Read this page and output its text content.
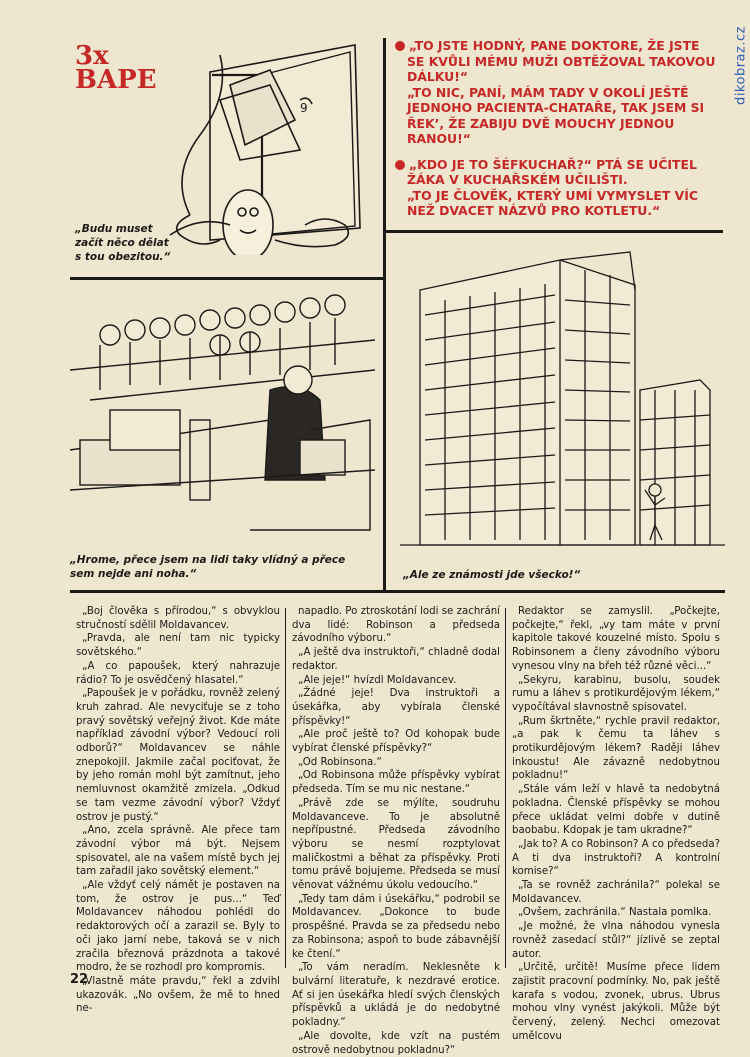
dikobraz.cz
3x
BAPE
9
„Budu muset začít něco dělat s tou obezitou.“
„TO JSTE HODNÝ, PANE DOKTORE, ŽE JSTE SE KVŮLI MÉMU MUŽI OBTĚŽOVAL TAKOVOU DÁLKU!“

„TO NIC, PANÍ, MÁM TADY V OKOLÍ JEŠTĚ JEDNOHO PACIENTA-CHATAŘE, TAK JSEM SI ŘEK’, ŽE ZABIJU DVĚ MOUCHY JEDNOU RANOU!“

„KDO JE TO ŠÉFKUCHAŘ?“ PTÁ SE UČITEL ŽÁKA V KUCHAŘSKÉM UČILIŠTI.

„TO JE ČLOVĚK, KTERÝ UMÍ VYMYSLET VÍC NEŽ DVACET NÁZVŮ PRO KOTLETU.“

„Hrome, přece jsem na lidi taky vlídný a přece sem nejde ani noha.“	„Ale ze známosti jde všecko!“

„Boj člověka s přírodou,“ s obvyklou stručností sdělil Moldavancev.

„Pravda, ale není tam nic typicky sovětského.“

„A co papoušek, který nahrazuje rádio? To je osvědčený hlasatel.“

„Papoušek je v pořádku, rovněž zelený kruh zahrad. Ale nevyciťuje se z toho pravý sovětský veřejný život. Kde máte například závodní výbor? Vedoucí roli odborů?“ Moldavancev se náhle znepokojil. Jakmile začal pociťovat, že by jeho román mohl být zamítnut, jeho nemluvnost okamžitě zmizela. „Odkud se tam vezme závodní výbor? Vždyť ostrov je pustý.“

„Ano, zcela správně. Ale přece tam závodní výbor má být. Nejsem spisovatel, ale na vašem místě bych jej tam zařadil jako sovětský element.“

„Ale vždyť celý námět je postaven na tom, že ostrov je pus...“ Teď Moldavancev náhodou pohlédl do redaktorových očí a zarazil se. Byly to oči jako jarní nebe, taková se v nich zračila březnová prázdnota a takové modro, že se rozhodl pro kompromis.

„Vlastně máte pravdu,“ řekl a zdvihl ukazovák. „No ovšem, že mě to hned ne-

napadlo. Po ztroskotání lodi se zachrání dva lidé: Robinson a předseda závodního výboru.“

„A ještě dva instruktoři,“ chladně dodal redaktor.

„Ale jeje!“ hvízdl Moldavancev.

„Žádné jeje! Dva instruktoři a úsekářka, aby vybírala členské příspěvky!“

„Ale proč ještě to? Od kohopak bude vybírat členské příspěvky?“

„Od Robinsona.“

„Od Robinsona může příspěvky vybírat předseda. Tím se mu nic nestane.“

„Právě zde se mýlíte, soudruhu Moldavanceve. To je absolutně nepřípustné. Předseda závodního výboru se nesmí rozptylovat maličkostmi a běhat za příspěvky. Proti tomu právě bojujeme. Předseda se musí věnovat vážnému úkolu vedoucího.“

„Tedy tam dám i úsekářku,“ podrobil se Moldavancev. „Dokonce to bude prospěšné. Pravda se za předsedu nebo za Robinsona; aspoň to bude zábavnější ke čtení.“

„To vám neradím. Neklesněte k bulvární literatuře, k nezdravé erotice. Ať si jen úsekářka hledí svých členských příspěvků a ukládá je do nedobytné pokladny.“

„Ale dovolte, kde vzít na pustém ostrově nedobytnou pokladnu?“

Redaktor se zamyslil. „Počkejte, počkejte,“ řekl, „vy tam máte v první kapitole takové kouzelné místo. Spolu s Robinsonem a členy závodního výboru vynesou vlny na břeh též různé věci...“

„Sekyru, karabinu, busolu, soudek rumu a láhev s protikurdějovým lékem,“ vypočítával slavnostně spisovatel.

„Rum škrtněte,“ rychle pravil redaktor, „a pak k čemu ta láhev s protikurdějovým lékem? Raději láhev inkoustu! Ale závazně nedobytnou pokladnu!“

„Stále vám leží v hlavě ta nedobytná pokladna. Členské příspěvky se mohou přece ukládat velmi dobře v dutině baobabu. Kdopak je tam ukradne?“

„Jak to? A co Robinson? A co předseda? A ti dva instruktoři? A kontrolní komise?“

„Ta se rovněž zachránila?“ polekal se Moldavancev.

„Ovšem, zachránila.“ Nastala pomlka.

„Je možné, že vlna náhodou vynesla rovněž zasedací stůl?“ jízlivě se zeptal autor.

„Určitě, určitě! Musíme přece lidem zajistit pracovní podmínky. No, pak ještě karafa s vodou, zvonek, ubrus. Ubrus mohou vlny vynést jakýkoli. Může být červený, zelený. Nechci omezovat umělcovu

22
